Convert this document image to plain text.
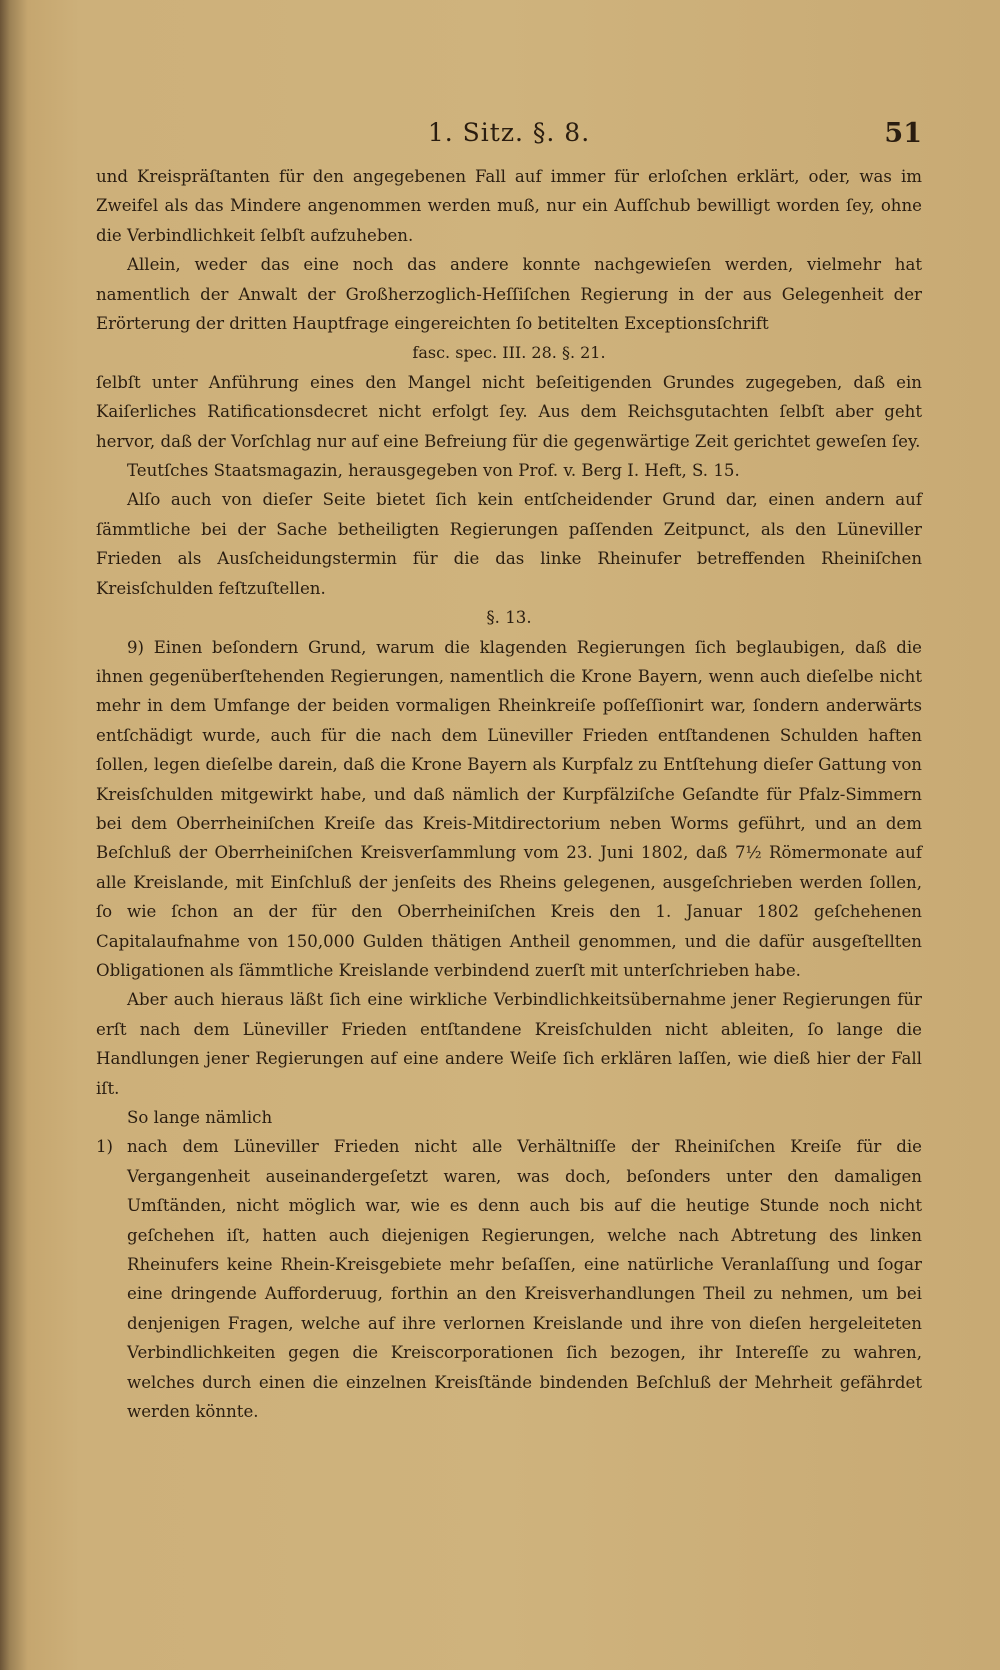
1. Sitz. §. 8.	51

und Kreispräſtanten für den angegebenen Fall auf immer für erloſchen erklärt, oder, was im Zweifel als das Mindere angenommen werden muß, nur ein Aufſchub bewilligt worden ſey, ohne die Verbindlichkeit ſelbſt aufzuheben.

Allein, weder das eine noch das andere konnte nachgewieſen werden, vielmehr hat namentlich der Anwalt der Großherzoglich-Heſſiſchen Regierung in der aus Gelegenheit der Erörterung der dritten Hauptfrage eingereichten ſo betitelten Exceptionsſchrift

fasc. spec. III. 28. §. 21.

ſelbſt unter Anführung eines den Mangel nicht beſeitigenden Grundes zugegeben, daß ein Kaiſerliches Ratificationsdecret nicht erfolgt ſey. Aus dem Reichsgutachten ſelbſt aber geht hervor, daß der Vorſchlag nur auf eine Befreiung für die gegenwärtige Zeit gerichtet geweſen ſey.

Teutſches Staatsmagazin, herausgegeben von Prof. v. Berg I. Heft, S. 15.

Alſo auch von dieſer Seite bietet ſich kein entſcheidender Grund dar, einen andern auf ſämmtliche bei der Sache betheiligten Regierungen paſſenden Zeitpunct, als den Lüneviller Frieden als Ausſcheidungstermin für die das linke Rheinufer betreffenden Rheiniſchen Kreisſchulden feſtzuſtellen.

§. 13.

9) Einen beſondern Grund, warum die klagenden Regierungen ſich beglaubigen, daß die ihnen gegenüberſtehenden Regierungen, namentlich die Krone Bayern, wenn auch dieſelbe nicht mehr in dem Umfange der beiden vormaligen Rheinkreiſe poſſeſſionirt war, ſondern anderwärts entſchädigt wurde, auch für die nach dem Lüneviller Frieden entſtandenen Schulden haften ſollen, legen dieſelbe darein, daß die Krone Bayern als Kurpfalz zu Entſtehung dieſer Gattung von Kreisſchulden mitgewirkt habe, und daß nämlich der Kurpfälziſche Geſandte für Pfalz-Simmern bei dem Oberrheiniſchen Kreiſe das Kreis-Mitdirectorium neben Worms geführt, und an dem Beſchluß der Oberrheiniſchen Kreisverſammlung vom 23. Juni 1802, daß 7½ Römermonate auf alle Kreislande, mit Einſchluß der jenſeits des Rheins gelegenen, ausgeſchrieben werden ſollen, ſo wie ſchon an der für den Oberrheiniſchen Kreis den 1. Januar 1802 geſchehenen Capitalaufnahme von 150,000 Gulden thätigen Antheil genommen, und die dafür ausgeſtellten Obligationen als ſämmtliche Kreislande verbindend zuerſt mit unterſchrieben habe.

Aber auch hieraus läßt ſich eine wirkliche Verbindlichkeitsübernahme jener Regierungen für erſt nach dem Lüneviller Frieden entſtandene Kreisſchulden nicht ableiten, ſo lange die Handlungen jener Regierungen auf eine andere Weiſe ſich erklären laſſen, wie dieß hier der Fall iſt.

So lange nämlich

1) nach dem Lüneviller Frieden nicht alle Verhältniſſe der Rheiniſchen Kreiſe für die Vergangenheit auseinandergeſetzt waren, was doch, beſonders unter den damaligen Umſtänden, nicht möglich war, wie es denn auch bis auf die heutige Stunde noch nicht geſchehen iſt, hatten auch diejenigen Regierungen, welche nach Abtretung des linken Rheinufers keine Rhein-Kreisgebiete mehr beſaſſen, eine natürliche Veranlaſſung und ſogar eine dringende Aufforderuug, forthin an den Kreisverhandlungen Theil zu nehmen, um bei denjenigen Fragen, welche auf ihre verlornen Kreislande und ihre von dieſen hergeleiteten Verbindlichkeiten gegen die Kreiscorporationen ſich bezogen, ihr Intereſſe zu wahren, welches durch einen die einzelnen Kreisſtände bindenden Beſchluß der Mehrheit gefährdet werden könnte.
